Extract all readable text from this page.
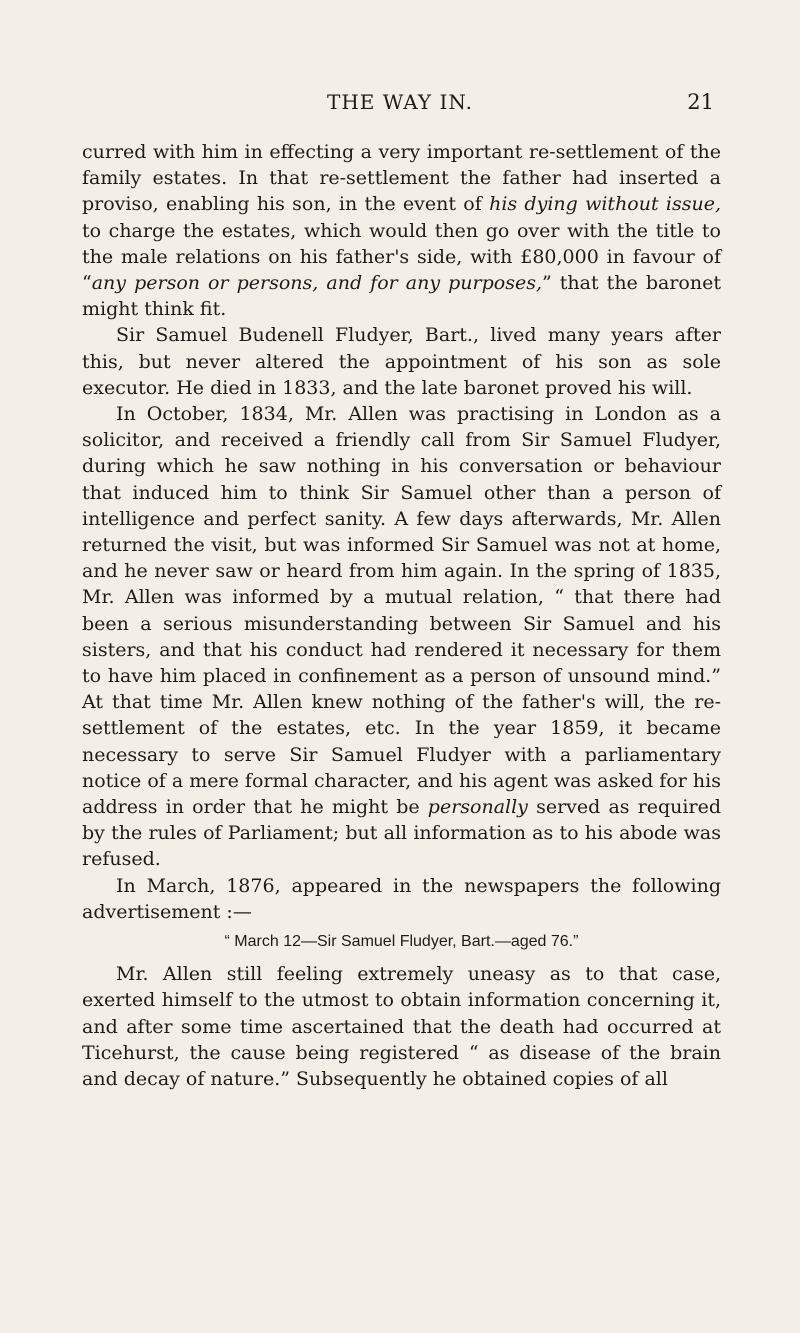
THE WAY IN.	21

curred with him in effecting a very important re-settlement of the family estates. In that re-settlement the father had inserted a proviso, enabling his son, in the event of his dying without issue, to charge the estates, which would then go over with the title to the male relations on his father's side, with £80,000 in favour of “any person or persons, and for any purposes,” that the baronet might think fit.

Sir Samuel Budenell Fludyer, Bart., lived many years after this, but never altered the appointment of his son as sole executor. He died in 1833, and the late baronet proved his will.

In October, 1834, Mr. Allen was practising in London as a solicitor, and received a friendly call from Sir Samuel Fludyer, during which he saw nothing in his conversation or behaviour that induced him to think Sir Samuel other than a person of intelligence and perfect sanity. A few days afterwards, Mr. Allen returned the visit, but was informed Sir Samuel was not at home, and he never saw or heard from him again. In the spring of 1835, Mr. Allen was informed by a mutual relation, “ that there had been a serious misunderstanding between Sir Samuel and his sisters, and that his conduct had rendered it necessary for them to have him placed in confinement as a person of unsound mind.” At that time Mr. Allen knew nothing of the father's will, the re-settlement of the estates, etc. In the year 1859, it became necessary to serve Sir Samuel Fludyer with a parliamentary notice of a mere formal character, and his agent was asked for his address in order that he might be personally served as required by the rules of Parliament; but all information as to his abode was refused.

In March, 1876, appeared in the newspapers the following advertisement :—

“ March 12—Sir Samuel Fludyer, Bart.—aged 76.”

Mr. Allen still feeling extremely uneasy as to that case, exerted himself to the utmost to obtain information concerning it, and after some time ascertained that the death had occurred at Ticehurst, the cause being registered “ as disease of the brain and decay of nature.” Subsequently he obtained copies of all
